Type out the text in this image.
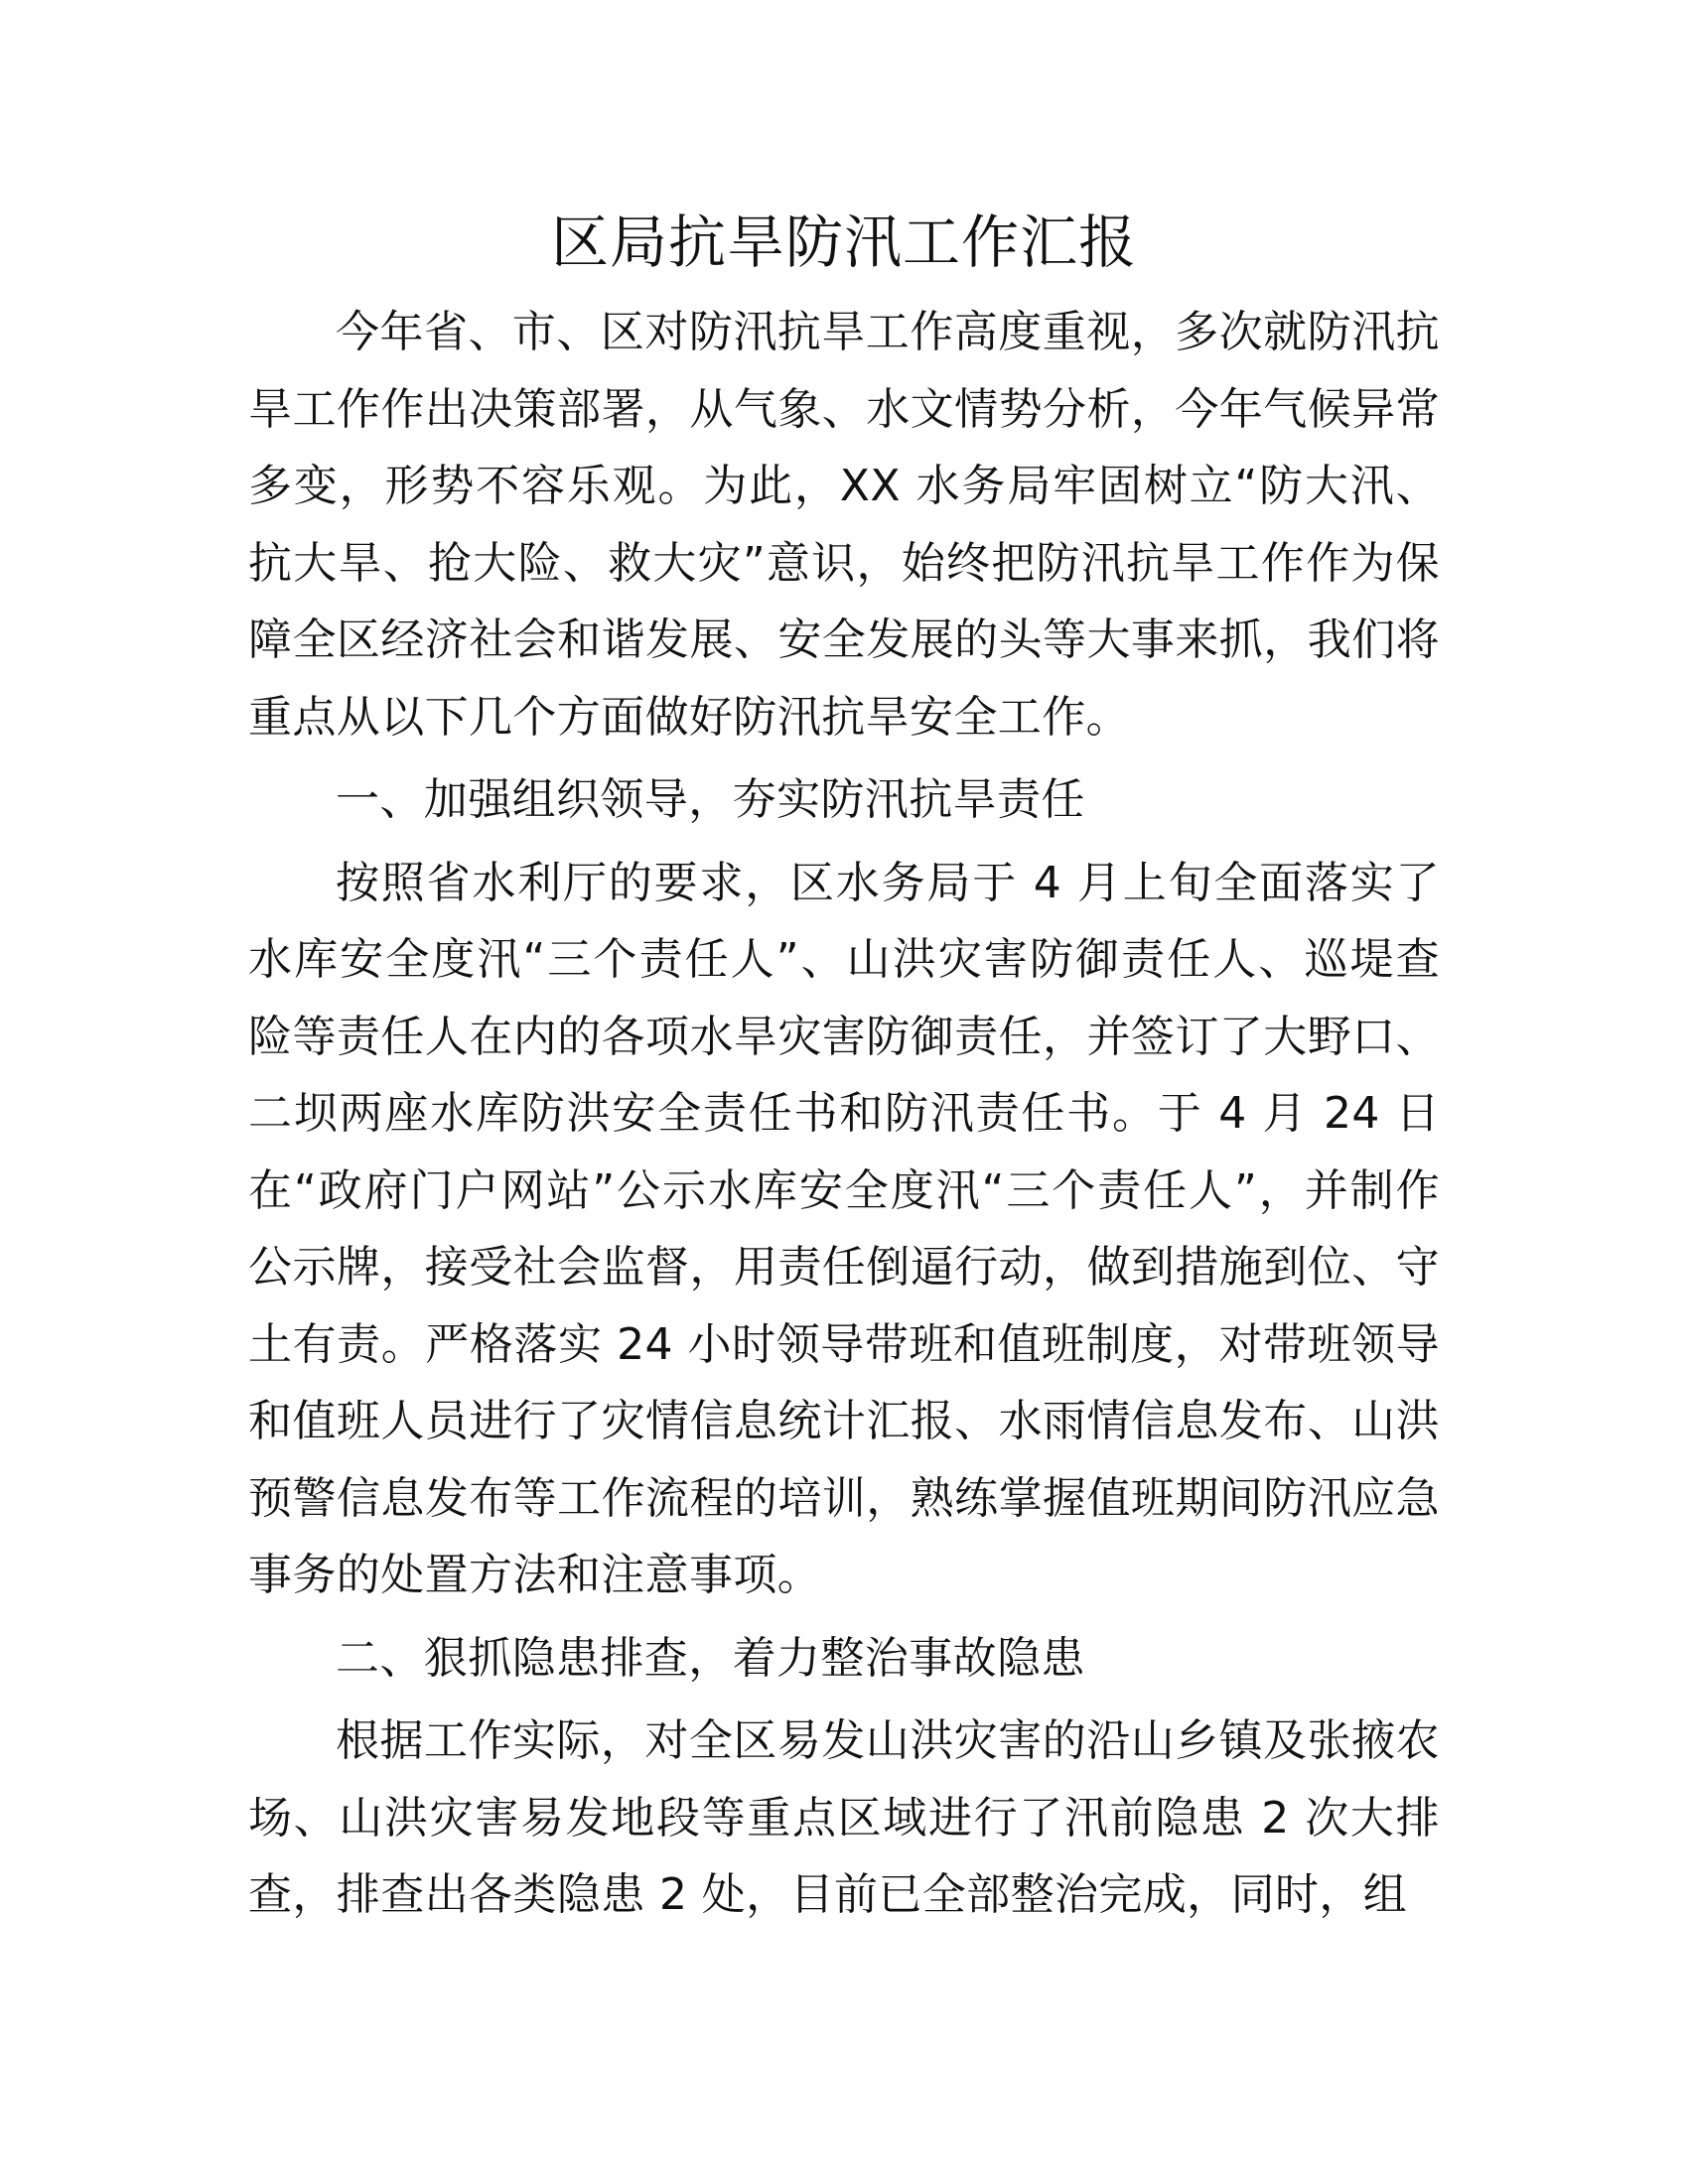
区局抗旱防汛工作汇报

今年省、市、区对防汛抗旱工作高度重视，多次就防汛抗旱工作作出决策部署，从气象、水文情势分析，今年气候异常多变，形势不容乐观。为此，XX 水务局牢固树立“防大汛、抗大旱、抢大险、救大灾”意识，始终把防汛抗旱工作作为保障全区经济社会和谐发展、安全发展的头等大事来抓，我们将重点从以下几个方面做好防汛抗旱安全工作。

一、加强组织领导，夯实防汛抗旱责任

按照省水利厅的要求，区水务局于 4 月上旬全面落实了水库安全度汛“三个责任人”、山洪灾害防御责任人、巡堤查险等责任人在内的各项水旱灾害防御责任，并签订了大野口、二坝两座水库防洪安全责任书和防汛责任书。于 4 月 24 日在“政府门户网站”公示水库安全度汛“三个责任人”，并制作公示牌，接受社会监督，用责任倒逼行动，做到措施到位、守土有责。严格落实 24 小时领导带班和值班制度，对带班领导和值班人员进行了灾情信息统计汇报、水雨情信息发布、山洪预警信息发布等工作流程的培训，熟练掌握值班期间防汛应急事务的处置方法和注意事项。

二、狠抓隐患排查，着力整治事故隐患

根据工作实际，对全区易发山洪灾害的沿山乡镇及张掖农场、山洪灾害易发地段等重点区域进行了汛前隐患 2 次大排查，排查出各类隐患 2 处，目前已全部整治完成，同时，组
